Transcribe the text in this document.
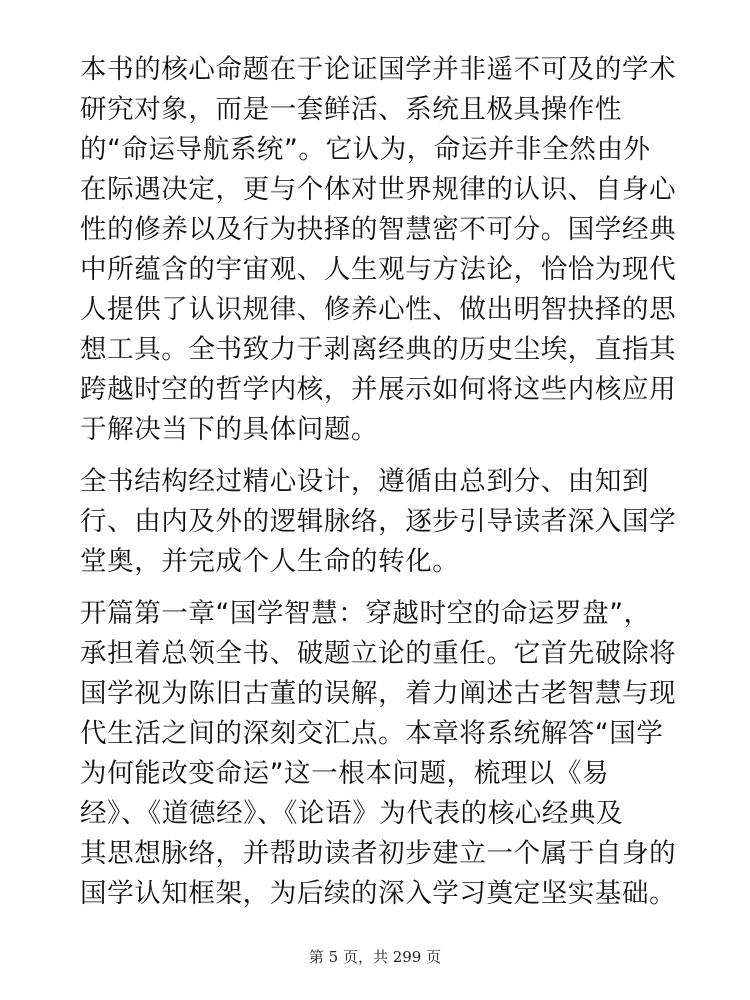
本书的核心命题在于论证国学并非遥不可及的学术
研究对象，而是一套鲜活、系统且极具操作性
的“命运导航系统”。它认为，命运并非全然由外
在际遇决定，更与个体对世界规律的认识、自身心
性的修养以及行为抉择的智慧密不可分。国学经典
中所蕴含的宇宙观、人生观与方法论，恰恰为现代
人提供了认识规律、修养心性、做出明智抉择的思
想工具。全书致力于剥离经典的历史尘埃，直指其
跨越时空的哲学内核，并展示如何将这些内核应用
于解决当下的具体问题。

全书结构经过精心设计，遵循由总到分、由知到
行、由内及外的逻辑脉络，逐步引导读者深入国学
堂奥，并完成个人生命的转化。

开篇第一章“国学智慧：穿越时空的命运罗盘”，
承担着总领全书、破题立论的重任。它首先破除将
国学视为陈旧古董的误解，着力阐述古老智慧与现
代生活之间的深刻交汇点。本章将系统解答“国学
为何能改变命运”这一根本问题，梳理以《易
经》、《道德经》、《论语》为代表的核心经典及
其思想脉络，并帮助读者初步建立一个属于自身的
国学认知框架，为后续的深入学习奠定坚实基础。

第 5 页，共 299 页
